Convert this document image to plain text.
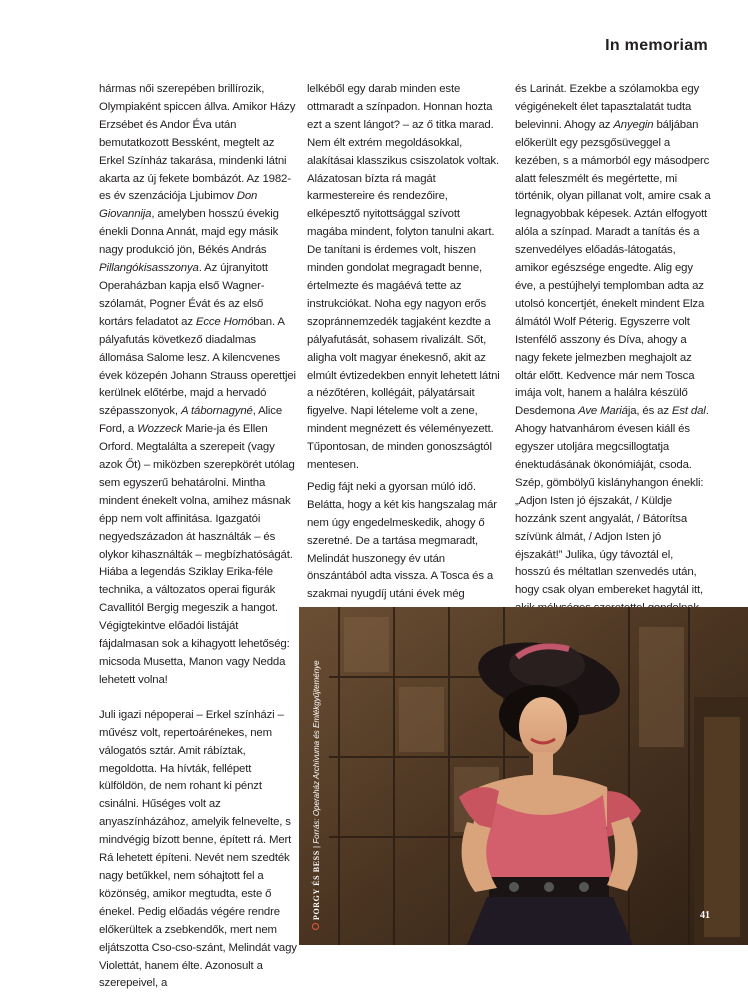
In memoriam

hármas női szerepében brillírozik, Olympiaként spiccen állva. Amikor Házy Erzsébet és Andor Éva után bemutatkozott Bessként, megtelt az Erkel Színház takarása, mindenki látni akarta az új fekete bombázót. Az 1982-es év szenzációja Ljubimov Don Giovannija, amelyben hosszú évekig énekli Donna Annát, majd egy másik nagy produkció jön, Békés András Pillangókisasszonya. Az újranyitott Operaházban kapja első Wagner-szólamát, Pogner Évát és az első kortárs feladatot az Ecce Homóban. A pályafutás következő diadalmas állomása Salome lesz. A kilencvenes évek közepén Johann Strauss operettjei kerülnek előtérbe, majd a hervadó szépasszonyok, A tábornagyné, Alice Ford, a Wozzeck Marie-ja és Ellen Orford. Megtalálta a szerepeit (vagy azok Őt) – miközben szerepkörét utólag sem egyszerű behatárolni. Mintha mindent énekelt volna, amihez másnak épp nem volt affinitása. Igazgatói negyedszázadon át használták – és olykor kihasználták – megbízhatóságát. Hiába a legendás Sziklay Erika-féle technika, a változatos operai figurák Cavallitól Bergig megeszik a hangot. Végigtekintve előadói listáját fájdalmasan sok a kihagyott lehetőség: micsoda Musetta, Manon vagy Nedda lehetett volna!

Juli igazi népoperai – Erkel színházi – művész volt, repertoárénekes, nem válogatós sztár. Amit rábíztak, megoldotta. Ha hívták, fellépett külföldön, de nem rohant ki pénzt csinálni. Hűséges volt az anyaszínházához, amelyik felnevelte, s mindvégig bízott benne, épített rá. Mert Rá lehetett építeni. Nevét nem szedték nagy betűkkel, nem sóhajtott fel a közönség, amikor megtudta, este ő énekel. Pedig előadás végére rendre előkerültek a zsebkendők, mert nem eljátszotta Cso-cso-szánt, Melindát vagy Violettát, hanem élte. Azonosult a szerepeivel, a

lelkéből egy darab minden este ottmaradt a színpadon. Honnan hozta ezt a szent lángot? – az ő titka marad. Nem élt extrém megoldásokkal, alakításai klasszikus csiszolatok voltak. Alázatosan bízta rá magát karmestereire és rendezőire, elképesztő nyitottsággal szívott magába mindent, folyton tanulni akart. De tanítani is érdemes volt, hiszen minden gondolat megragadt benne, értelmezte és magáévá tette az instrukciókat. Noha egy nagyon erős szopránnemzedék tagjaként kezdte a pályafutását, sohasem rivalizált. Sőt, aligha volt magyar énekesnő, akit az elmúlt évtizedekben ennyit lehetett látni a nézőtéren, kollégáit, pályatársait figyelve. Napi lételeme volt a zene, mindent megnézett és véleményezett. Tűpontosan, de minden gonoszságtól mentesen.

Pedig fájt neki a gyorsan múló idő. Belátta, hogy a két kis hangszalag már nem úgy engedelmeskedik, ahogy ő szeretné. De a tartása megmaradt, Melindát huszonegy év után önszántából adta vissza. A Tosca és a szakmai nyugdíj utáni évek még

és Larinát. Ezekbe a szólamokba egy végigénekelt élet tapasztalatát tudta belevinni. Ahogy az Anyegin báljában előkerült egy pezsgősüveggel a kezében, s a mámorból egy másodperc alatt feleszmélt és megértette, mi történik, olyan pillanat volt, amire csak a legnagyobbak képesek. Aztán elfogyott alóla a színpad. Maradt a tanítás és a szenvedélyes előadás-látogatás, amikor egészsége engedte. Alig egy éve, a pestújhelyi templomban adta az utolsó koncertjét, énekelt mindent Elza álmától Wolf Péterig. Egyszerre volt Istenfélő asszony és Díva, ahogy a nagy fekete jelmezben meghajolt az oltár előtt. Kedvence már nem Tosca imája volt, hanem a halálra készülő Desdemona Ave Mariája, és az Est dal. Ahogy hatvanhárom évesen kiáll és egyszer utoljára megcsillogtatja énektudásának ökonómiáját, csoda. Szép, gömbölyű kislányhangon énekli: „Adjon Isten jó éjszakát, / Küldje hozzánk szent angyalát, / Bátorítsa szívünk álmát, / Adjon Isten jó éjszakát!” Julika, úgy távoztál el, hosszú és méltatlan szenvedés után, hogy csak olyan embereket hagytál itt,

PORGY ÉS BESS | Forrás: Operaház Archívuma és Emlékgyűjteménye
41
